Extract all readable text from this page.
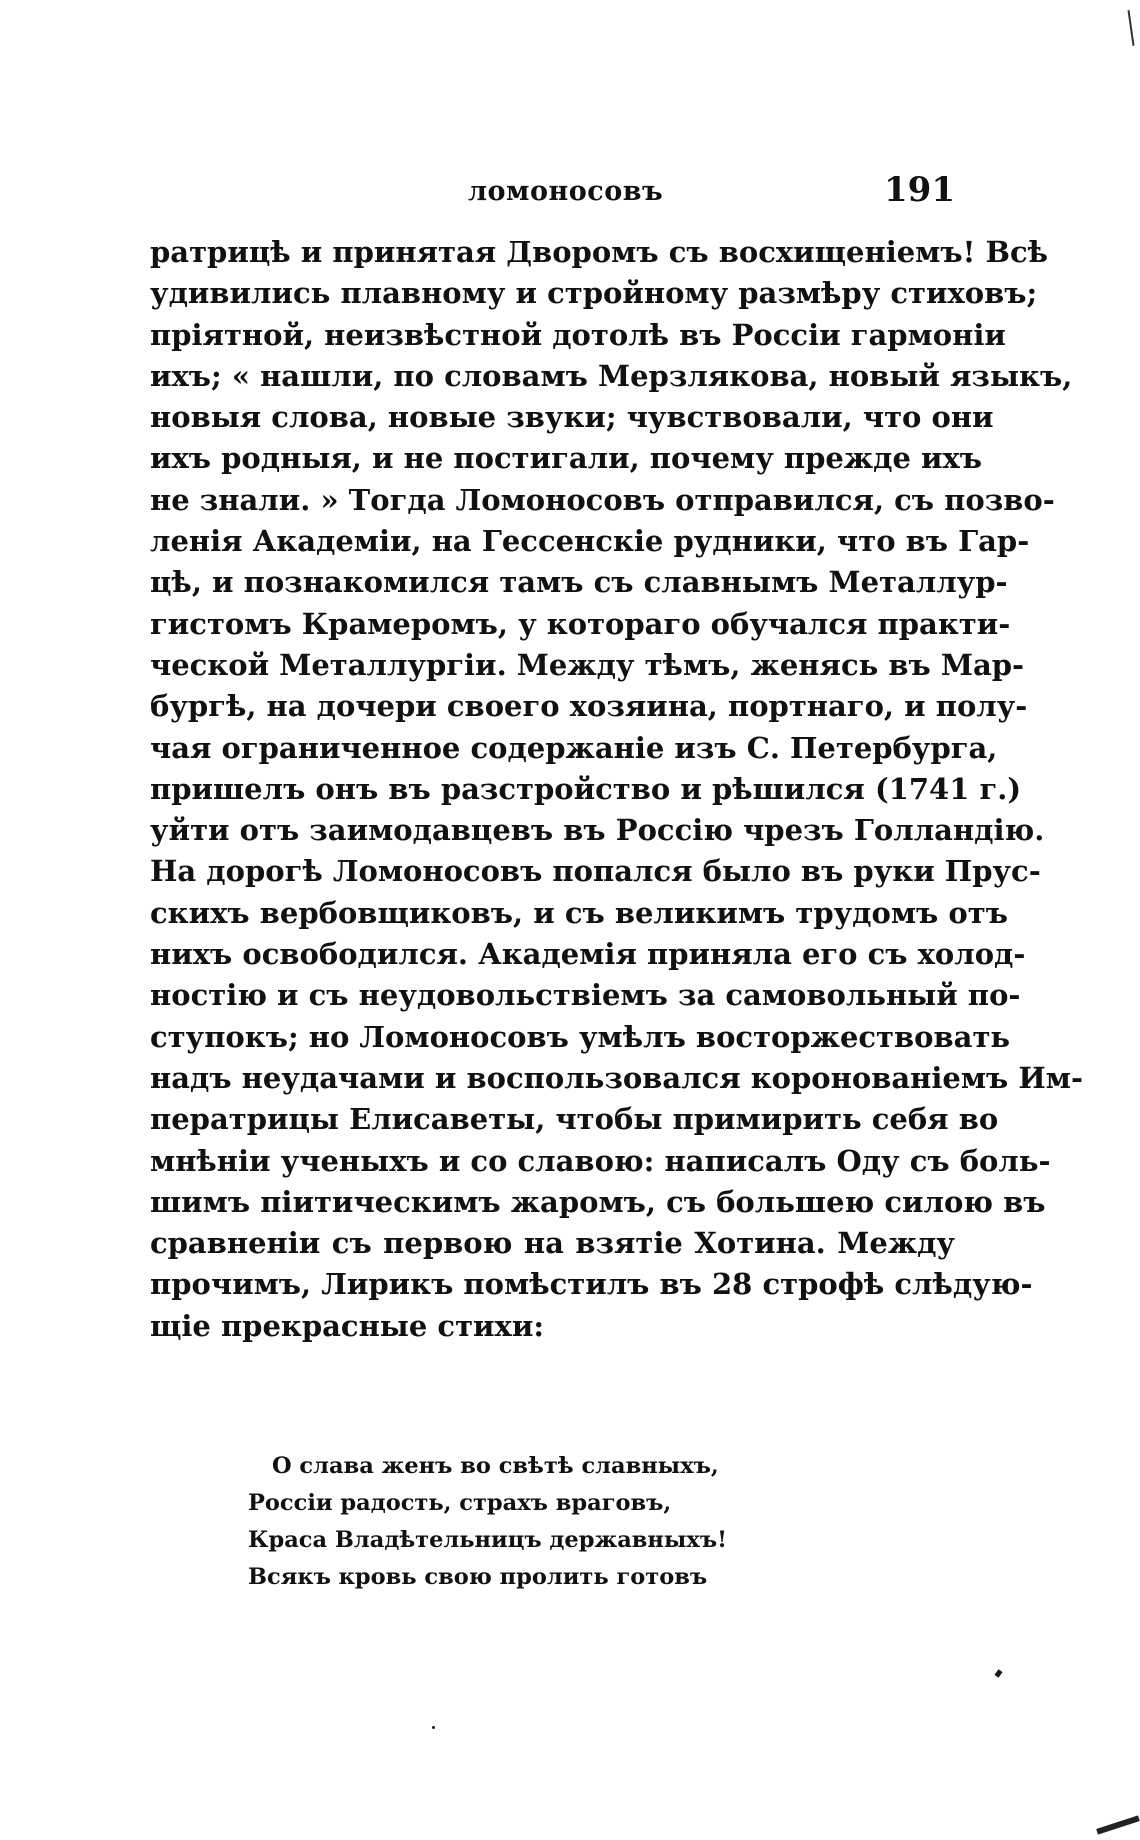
ломоносовъ	191
ратрицѣ и принятая Дворомъ съ восхищенiемъ! Всѣ
удивились плавному и стройному размѣру стиховъ;
прiятной, неизвѣстной дотолѣ въ Россiи гармонiи
ихъ; « нашли, по словамъ Мерзлякова, новый языкъ,
новыя слова, новые звуки; чувствовали, что они
ихъ родныя, и не постигали, почему прежде ихъ
не знали. » Тогда Ломоносовъ отправился, съ позво-
ленiя Академiи, на Гессенскiе рудники, что въ Гар-
цѣ, и познакомился тамъ съ славнымъ Металлур-
гистомъ Крамеромъ, у котораго обучался практи-
ческой Металлургiи. Между тѣмъ, женясь въ Мар-
бургѣ, на дочери своего хозяина, портнаго, и полу-
чая ограниченное содержанiе изъ С. Петербурга,
пришелъ онъ въ разстройство и рѣшился (1741 г.)
уйти отъ заимодавцевъ въ Россiю чрезъ Голландiю.
На дорогѣ Ломоносовъ попался было въ руки Прус-
скихъ вербовщиковъ, и съ великимъ трудомъ отъ
нихъ освободился. Академiя приняла его съ холод-
ностiю и съ неудовольствiемъ за самовольный по-
ступокъ; но Ломоносовъ умѣлъ восторжествовать
надъ неудачами и воспользовался коронованiемъ Им-
ператрицы Елисаветы, чтобы примирить себя во
мнѣнiи ученыхъ и со славою: написалъ Оду съ боль-
шимъ пiитическимъ жаромъ, съ большею силою въ
сравненiи съ первою на взятiе Хотина. Между
прочимъ, Лирикъ помѣстилъ въ 28 строфѣ слѣдую-
щiе прекрасные стихи:
О слава женъ во свѣтѣ славныхъ,
Россiи радость, страхъ враговъ,
Краса Владѣтельницъ державныхъ!
Всякъ кровь свою пролить готовъ
